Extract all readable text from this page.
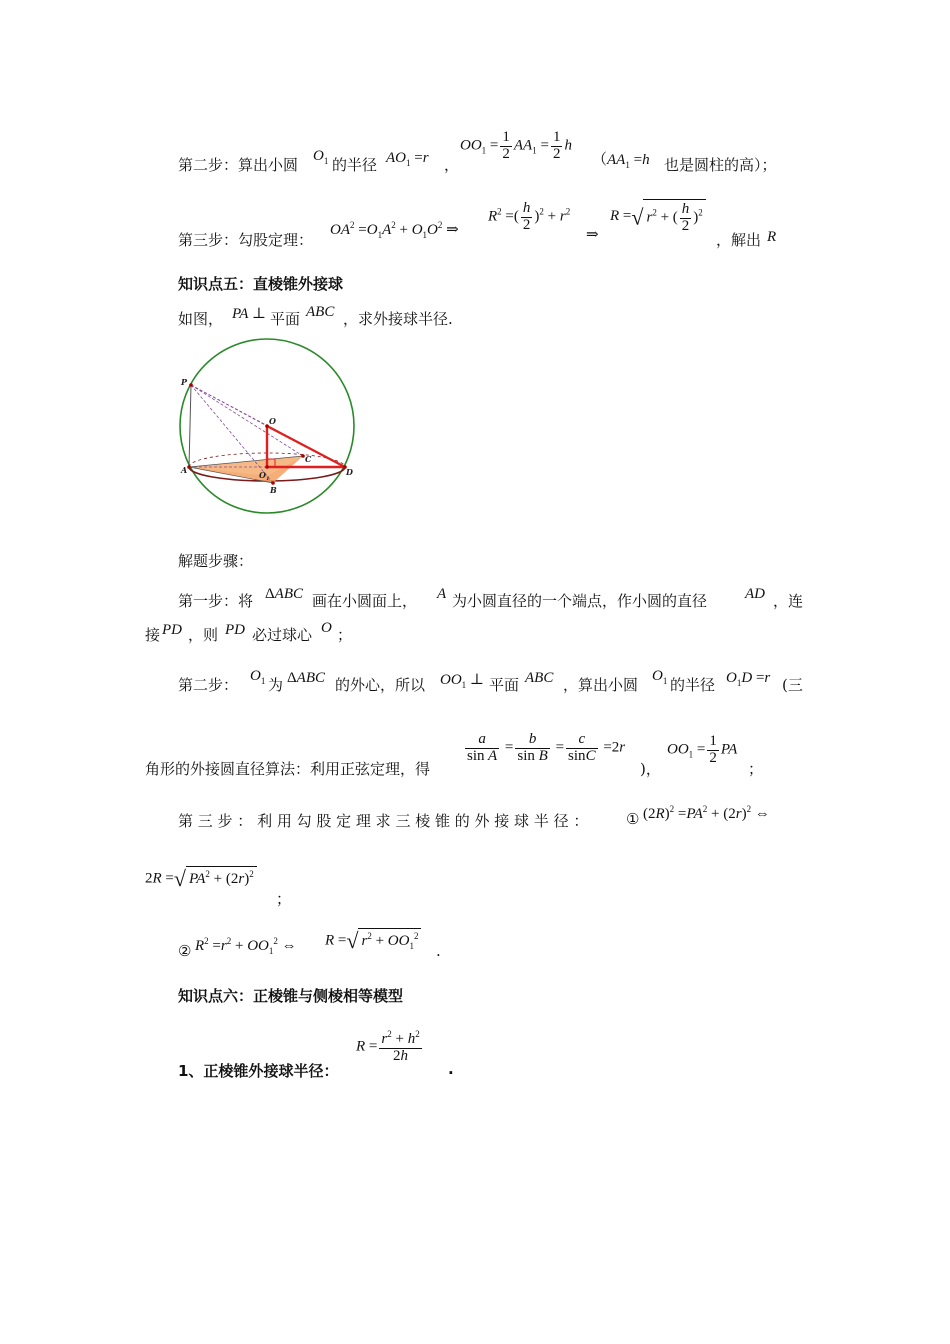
第二步：算出小圆 $O_1$ 的半径 $AO_1 =r$ ，
$OO_1 = \frac{1}{2} AA_1 = \frac{1}{2}$ h
（$AA_1 =h$ 也是圆柱的高）；
第三步：勾股定理：
$OA^2 =O_1A^2 + O_1O^2$ ⇒
$R^2$ =( $\frac{h}{2} )^2 + r^2$
⇒
R =√ $r^2$ + ( $\frac{h}{2} )^2$
，解出 R
知识点五：直棱锥外接球
如图， PA ⊥ 平面 ABC ，求外接球半径.
P
O
C
A	$O_1$
D
B
解题步骤：
第一步：将 ΔABC 画在小圆面上， A 为小圆直径的一个端点，作小圆的直径	AD ，连
接 PD ，则 PD 必过球心 O ；
第二步： $O_1$ 为 ΔABC 的外心，所以 $OO_1$ ⊥ 平面 ABC ，算出小圆 $O_1$ 的半径 $O_1D =r$ (三
角形的外接圆直径算法：利用正弦定理，得
$\frac{a}{\text{sin A}} = \frac{b}{\text{sin B}} = \frac{c}{\sin C} =2r$
)，
$OO_1 = \frac{1}{2}$ PA
；
第 三 步 ： 利 用 勾 股 定 理 求 三 棱 锥 的 外 接 球 半 径 ：	① $(2R)^2 =PA^2 + (2r)^2$ ⇔
2R =√ $PA^2 + (2r)^2$
；
② $R^2 =r^2 + OO_1^2$ ⇔ R =√ $r^2 + OO_1^2$
.
知识点六：正棱锥与侧棱相等模型
1、正棱锥外接球半径：
$R = \frac{r^2 + h^2}{2h}$
.
